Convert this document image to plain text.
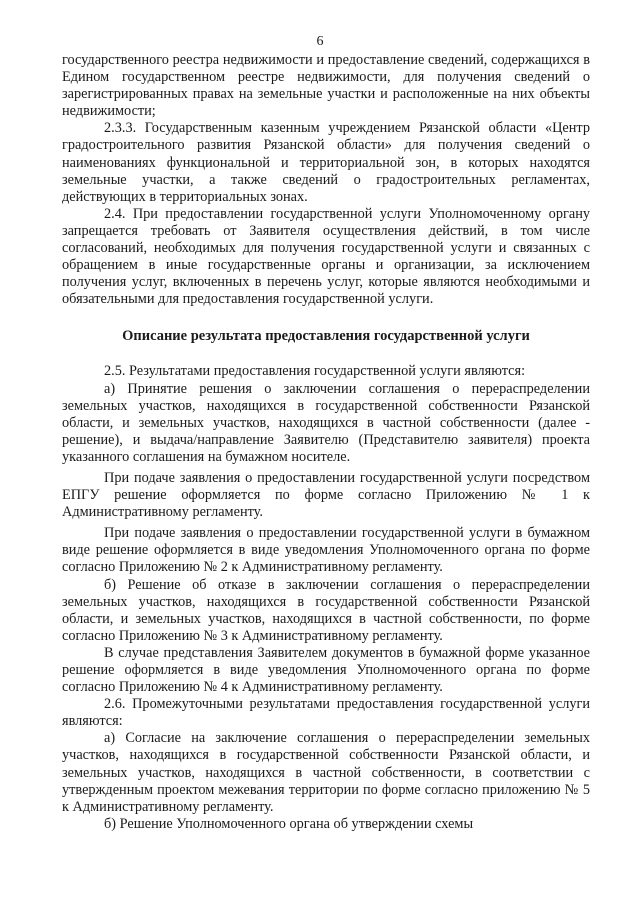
6

государственного реестра недвижимости и предоставление сведений, содержащихся в Едином государственном реестре недвижимости, для получения сведений о зарегистрированных правах на земельные участки и расположенные на них объекты недвижимости;

2.3.3. Государственным казенным учреждением Рязанской области «Центр градостроительного развития Рязанской области» для получения сведений о наименованиях функциональной и территориальной зон, в которых находятся земельные участки, а также сведений о градостроительных регламентах, действующих в территориальных зонах.

2.4. При предоставлении государственной услуги Уполномоченному органу запрещается требовать от Заявителя осуществления действий, в том числе согласований, необходимых для получения государственной услуги и связанных с обращением в иные государственные органы и организации, за исключением получения услуг, включенных в перечень услуг, которые являются необходимыми и обязательными для предоставления государственной услуги.

Описание результата предоставления государственной услуги

2.5. Результатами предоставления государственной услуги являются:

а) Принятие решения о заключении соглашения о перераспределении земельных участков, находящихся в государственной собственности Рязанской области, и земельных участков, находящихся в частной собственности (далее - решение), и выдача/направление Заявителю (Представителю заявителя) проекта указанного соглашения на бумажном носителе.

При подаче заявления о предоставлении государственной услуги посредством ЕПГУ решение оформляется по форме согласно Приложению № 1 к Административному регламенту.

При подаче заявления о предоставлении государственной услуги в бумажном виде решение оформляется в виде уведомления Уполномоченного органа по форме согласно Приложению № 2 к Административному регламенту.

б) Решение об отказе в заключении соглашения о перераспределении земельных участков, находящихся в государственной собственности Рязанской области, и земельных участков, находящихся в частной собственности, по форме согласно Приложению № 3 к Административному регламенту.

В случае представления Заявителем документов в бумажной форме указанное решение оформляется в виде уведомления Уполномоченного органа по форме согласно Приложению № 4 к Административному регламенту.

2.6. Промежуточными результатами предоставления государственной услуги являются:

а) Согласие на заключение соглашения о перераспределении земельных участков, находящихся в государственной собственности Рязанской области, и земельных участков, находящихся в частной собственности, в соответствии с утвержденным проектом межевания территории по форме согласно приложению № 5 к Административному регламенту.

б) Решение Уполномоченного органа об утверждении схемы
